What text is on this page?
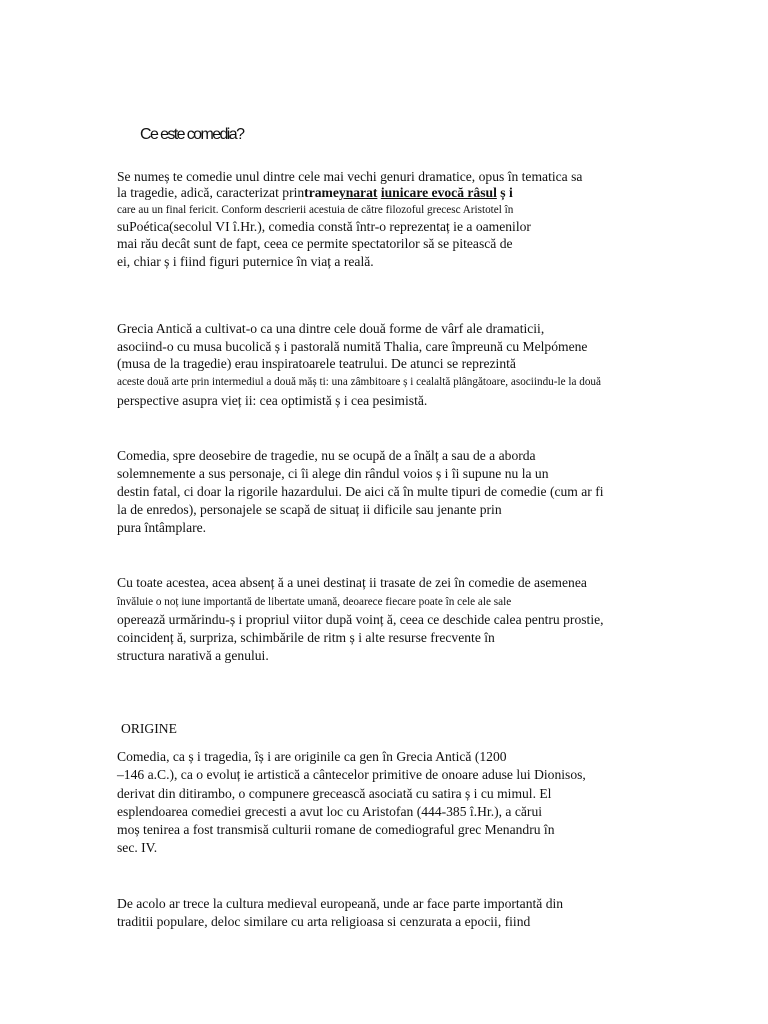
Ce este comedia?
Se numeș te comedie unul dintre cele mai vechi genuri dramatice, opus în tematica sa
la tragedie, adică, caracterizat printrameynarat iunicare evocă râsul ș i
care au un final fericit. Conform descrierii acestuia de către filozoful grecesc Aristotel în
suPoética(secolul VI î.Hr.), comedia constă într-o reprezentaț ie a oamenilor
mai rău decât sunt de fapt, ceea ce permite spectatorilor să se pitească de
ei, chiar ș i fiind figuri puternice în viaț a reală.
Grecia Antică a cultivat-o ca una dintre cele două forme de vârf ale dramaticii,
asociind-o cu musa bucolică ș i pastorală numită Thalia, care împreună cu Melpómene
(musa de la tragedie) erau inspiratoarele teatrului. De atunci se reprezintă
aceste două arte prin intermediul a două măș ti: una zâmbitoare ș i cealaltă plângătoare, asociindu-le la două
perspective asupra vieț ii: cea optimistă ș i cea pesimistă.
Comedia, spre deosebire de tragedie, nu se ocupă de a înălț a sau de a aborda
solemnemente a sus personaje, ci îi alege din rândul voios ș i îi supune nu la un
destin fatal, ci doar la rigorile hazardului. De aici că în multe tipuri de comedie (cum ar fi
la de enredos), personajele se scapă de situaț ii dificile sau jenante prin
pura întâmplare.
Cu toate acestea, acea absenț ă a unei destinaț ii trasate de zei în comedie de asemenea
învăluie o noț iune importantă de libertate umană, deoarece fiecare poate în cele ale sale
operează urmărindu-ș i propriul viitor după voinț ă, ceea ce deschide calea pentru prostie,
coincidenț ă, surpriza, schimbările de ritm ș i alte resurse frecvente în
structura narativă a genului.
ORIGINE
Comedia, ca ș i tragedia, îș i are originile ca gen în Grecia Antică (1200
–146 a.C.), ca o evoluț ie artistică a cântecelor primitive de onoare aduse lui Dionisos,
derivat din ditirambo, o compunere grecească asociată cu satira ș i cu mimul. El
esplendoarea comediei grecesti a avut loc cu Aristofan (444-385 î.Hr.), a cărui
moș tenirea a fost transmisă culturii romane de comediograful grec Menandru în
sec. IV.
De acolo ar trece la cultura medieval europeană, unde ar face parte importantă din
traditii populare, deloc similare cu arta religioasa si cenzurata a epocii, fiind
